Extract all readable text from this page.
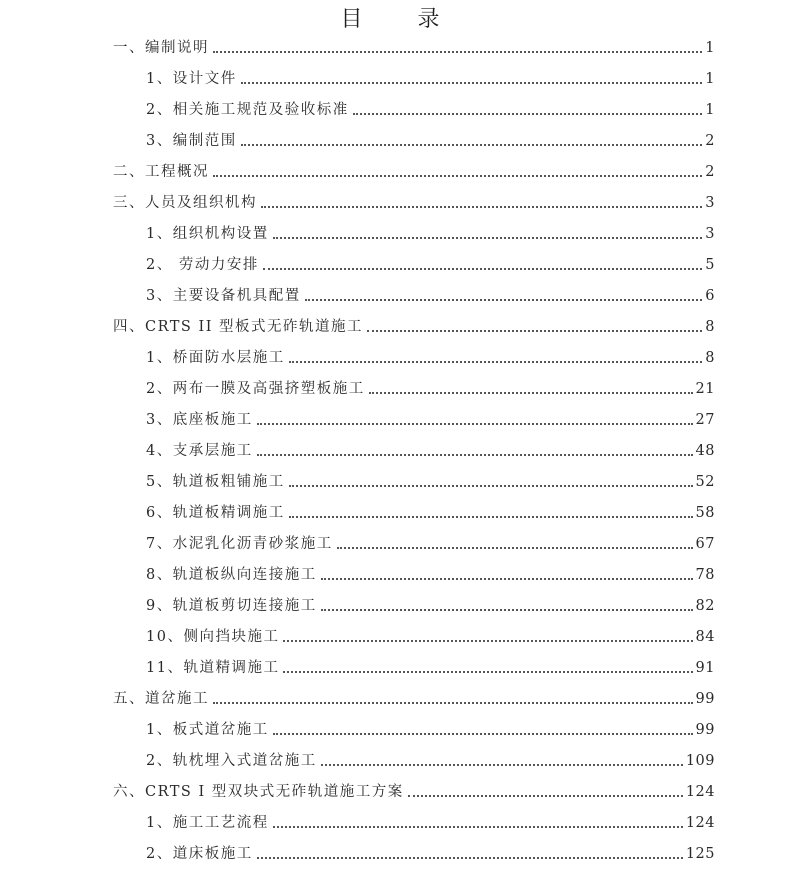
目 录
一、编制说明	1
1、设计文件	1
2、相关施工规范及验收标准	1
3、编制范围	2
二、工程概况	2
三、人员及组织机构	3
1、组织机构设置	3
2、 劳动力安排	5
3、主要设备机具配置	6
四、CRTS II 型板式无砟轨道施工	8
1、桥面防水层施工	8
2、两布一膜及高强挤塑板施工	21
3、底座板施工	27
4、支承层施工	48
5、轨道板粗铺施工	52
6、轨道板精调施工	58
7、水泥乳化沥青砂浆施工	67
8、轨道板纵向连接施工	78
9、轨道板剪切连接施工	82
10、侧向挡块施工	84
11、轨道精调施工	91
五、道岔施工	99
1、板式道岔施工	99
2、轨枕埋入式道岔施工	109
六、CRTS I 型双块式无砟轨道施工方案	124
1、施工工艺流程	124
2、道床板施工	125
